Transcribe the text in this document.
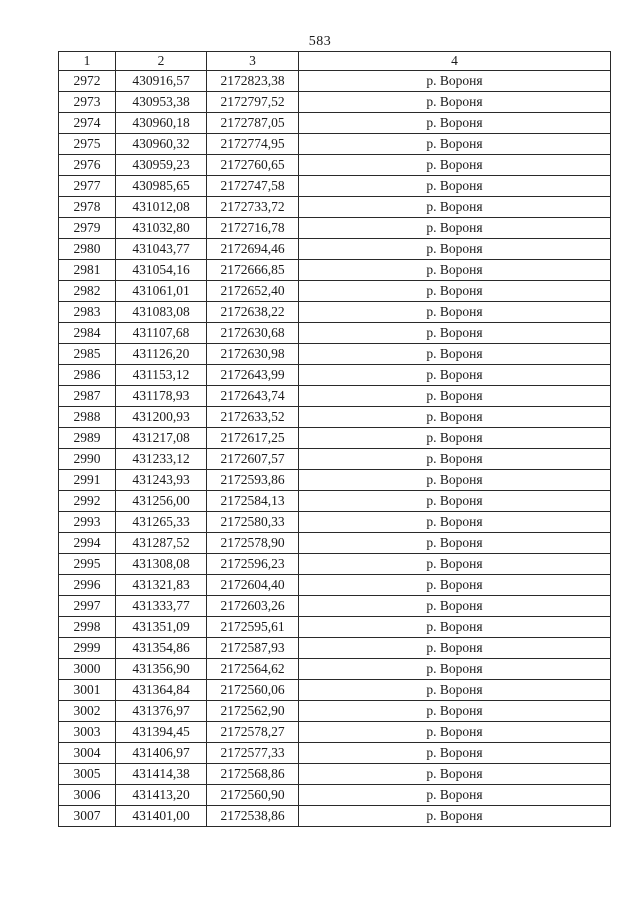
583
1	2	3	4
2972	430916,57	2172823,38	р. Вороня
2973	430953,38	2172797,52	р. Вороня
2974	430960,18	2172787,05	р. Вороня
2975	430960,32	2172774,95	р. Вороня
2976	430959,23	2172760,65	р. Вороня
2977	430985,65	2172747,58	р. Вороня
2978	431012,08	2172733,72	р. Вороня
2979	431032,80	2172716,78	р. Вороня
2980	431043,77	2172694,46	р. Вороня
2981	431054,16	2172666,85	р. Вороня
2982	431061,01	2172652,40	р. Вороня
2983	431083,08	2172638,22	р. Вороня
2984	431107,68	2172630,68	р. Вороня
2985	431126,20	2172630,98	р. Вороня
2986	431153,12	2172643,99	р. Вороня
2987	431178,93	2172643,74	р. Вороня
2988	431200,93	2172633,52	р. Вороня
2989	431217,08	2172617,25	р. Вороня
2990	431233,12	2172607,57	р. Вороня
2991	431243,93	2172593,86	р. Вороня
2992	431256,00	2172584,13	р. Вороня
2993	431265,33	2172580,33	р. Вороня
2994	431287,52	2172578,90	р. Вороня
2995	431308,08	2172596,23	р. Вороня
2996	431321,83	2172604,40	р. Вороня
2997	431333,77	2172603,26	р. Вороня
2998	431351,09	2172595,61	р. Вороня
2999	431354,86	2172587,93	р. Вороня
3000	431356,90	2172564,62	р. Вороня
3001	431364,84	2172560,06	р. Вороня
3002	431376,97	2172562,90	р. Вороня
3003	431394,45	2172578,27	р. Вороня
3004	431406,97	2172577,33	р. Вороня
3005	431414,38	2172568,86	р. Вороня
3006	431413,20	2172560,90	р. Вороня
3007	431401,00	2172538,86	р. Вороня
